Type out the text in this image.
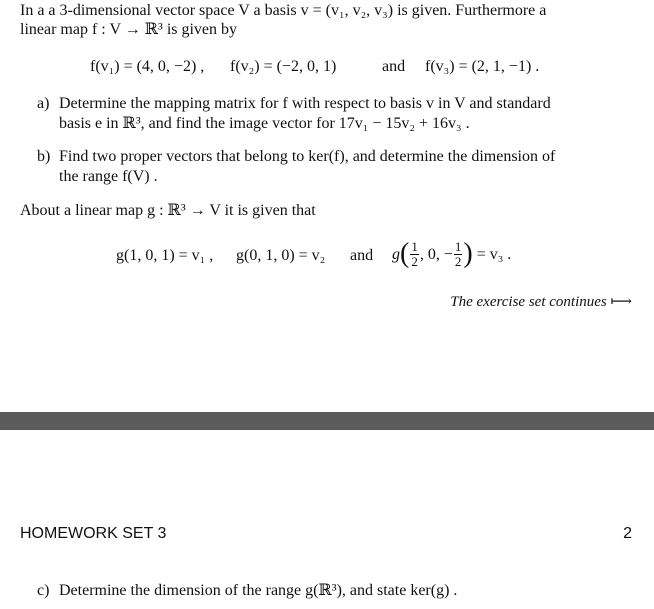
In a a 3-dimensional vector space V a basis v = (v₁, v₂, v₃) is given. Furthermore a
linear map f : V → ℝ³ is given by
f(v₁) = (4, 0, −2) , f(v₂) = (−2, 0, 1)	and f(v₃) = (2, 1, −1) .
a) Determine the mapping matrix for f with respect to basis v in V and standard
basis e in ℝ³, and find the image vector for 17v₁ − 15v₂ + 16v₃ .
b) Find two proper vectors that belong to ker(f), and determine the dimension of
the range f(V) .
About a linear map g : ℝ³ → V it is given that
g(1, 0, 1) = v₁ , g(0, 1, 0) = v₂ and g ( $\frac{1}{2}$ , 0, − $\frac{1}{2}$ ) = v₃ .
The exercise set continues ⟼
HOMEWORK SET 3	2
c) Determine the dimension of the range g(ℝ³), and state ker(g) .
